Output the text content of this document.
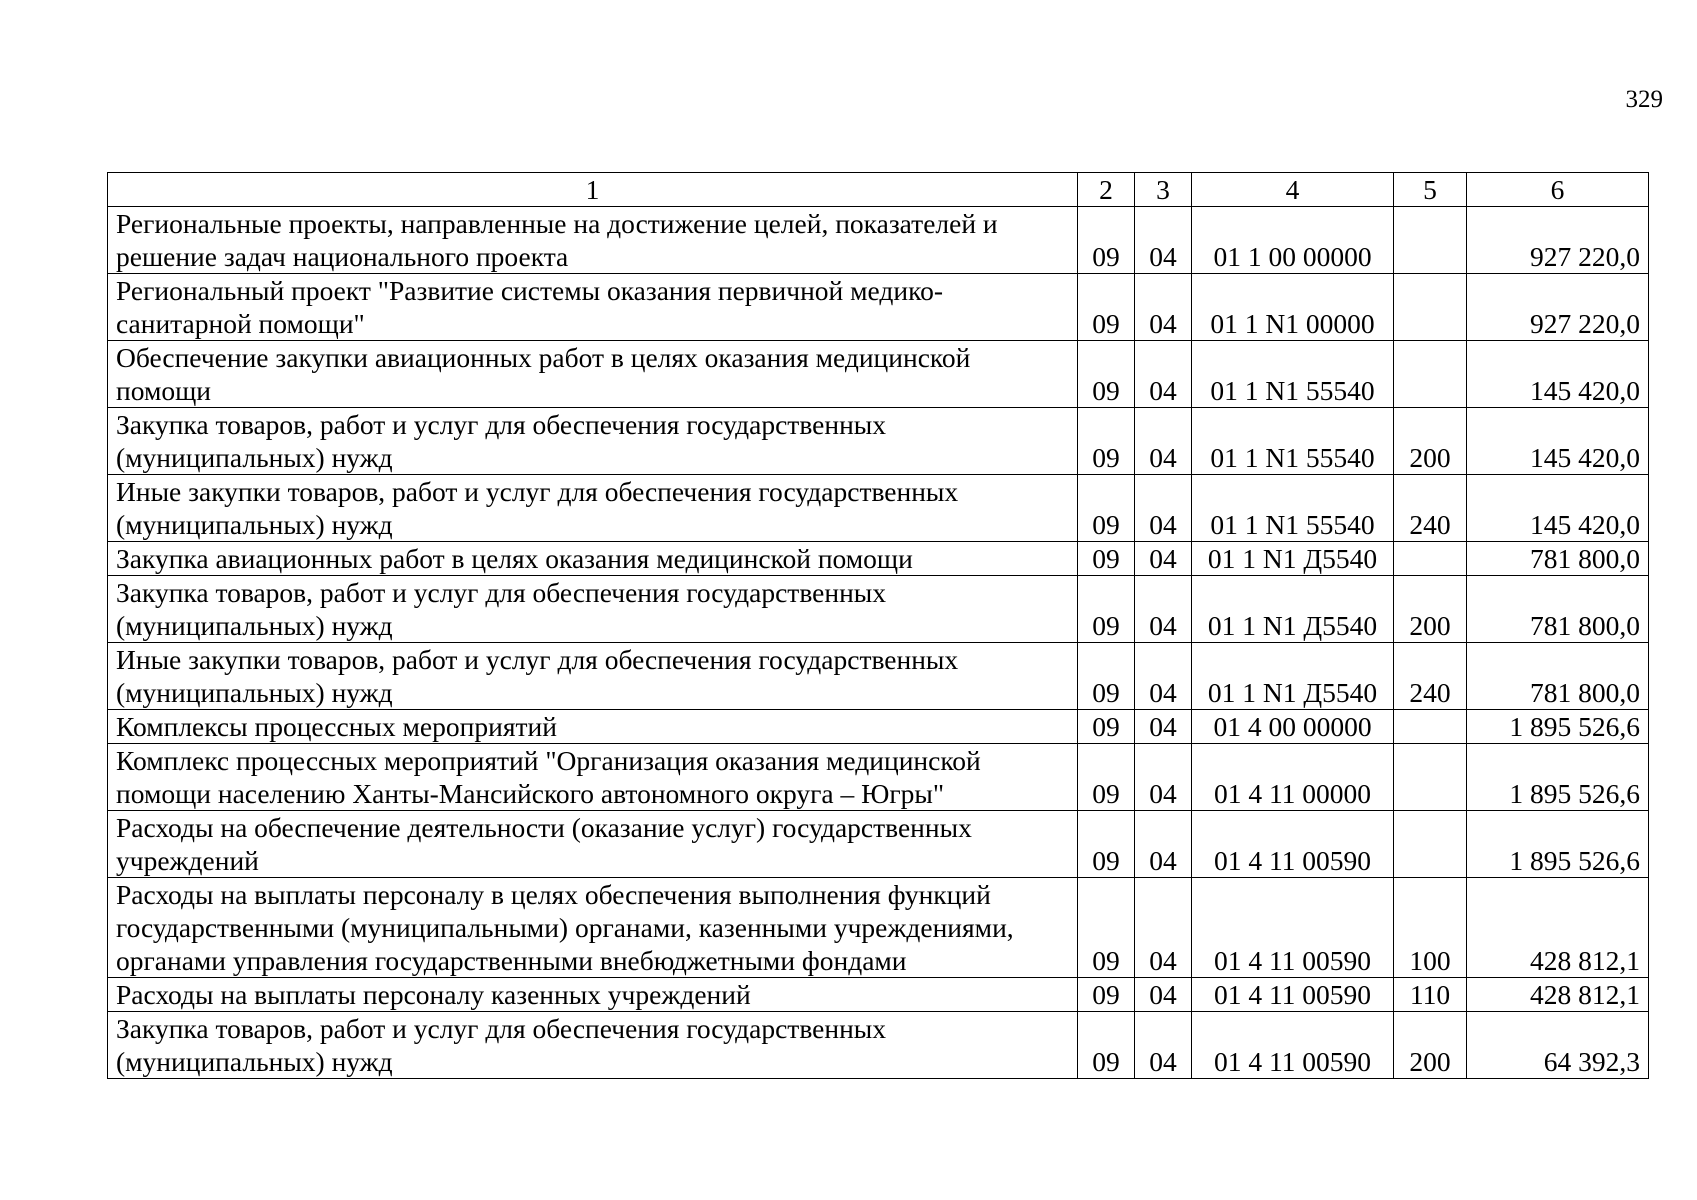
329
1	2	3	4	5	6

Региональные проекты, направленные на достижение целей, показателей и
решение задач национального проекта	09	04	01 1 00 00000		927 220,0

Региональный проект "Развитие системы оказания первичной медико-
санитарной помощи"	09	04	01 1 N1 00000		927 220,0

Обеспечение закупки авиационных работ в целях оказания медицинской
помощи	09	04	01 1 N1 55540		145 420,0

Закупка товаров, работ и услуг для обеспечения государственных
(муниципальных) нужд	09	04	01 1 N1 55540	200	145 420,0

Иные закупки товаров, работ и услуг для обеспечения государственных
(муниципальных) нужд	09	04	01 1 N1 55540	240	145 420,0

Закупка авиационных работ в целях оказания медицинской помощи	09	04	01 1 N1 Д5540		781 800,0

Закупка товаров, работ и услуг для обеспечения государственных
(муниципальных) нужд	09	04	01 1 N1 Д5540	200	781 800,0

Иные закупки товаров, работ и услуг для обеспечения государственных
(муниципальных) нужд	09	04	01 1 N1 Д5540	240	781 800,0

Комплексы процессных мероприятий	09	04	01 4 00 00000		1 895 526,6

Комплекс процессных мероприятий "Организация оказания медицинской
помощи населению Ханты-Мансийского автономного округа – Югры"	09	04	01 4 11 00000		1 895 526,6

Расходы на обеспечение деятельности (оказание услуг) государственных
учреждений	09	04	01 4 11 00590		1 895 526,6

Расходы на выплаты персоналу в целях обеспечения выполнения функций
государственными (муниципальными) органами, казенными учреждениями,
органами управления государственными внебюджетными фондами	09	04	01 4 11 00590	100	428 812,1

Расходы на выплаты персоналу казенных учреждений	09	04	01 4 11 00590	110	428 812,1

Закупка товаров, работ и услуг для обеспечения государственных
(муниципальных) нужд	09	04	01 4 11 00590	200	64 392,3
